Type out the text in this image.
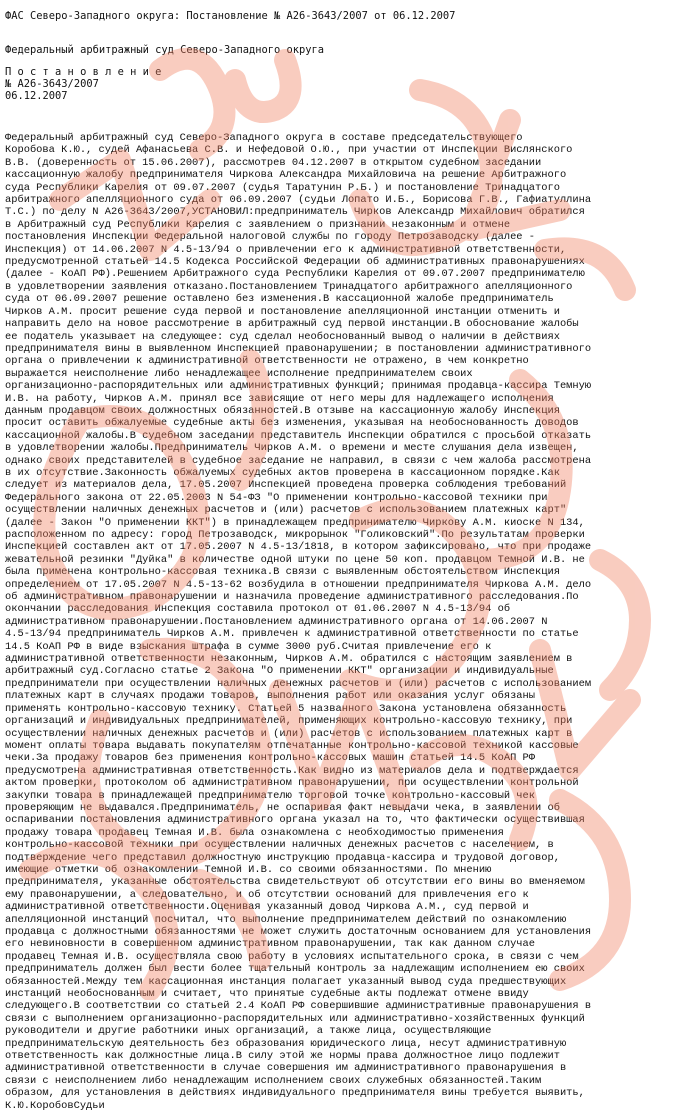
ФАС Северо-Западного округа: Постановление № А26-3643/2007 от 06.12.2007
Федеральный арбитражный суд Северо-Западного округа
П о с т а н о в л е н и е
№ А26-3643/2007
06.12.2007
Федеральный арбитражный суд Северо-Западного округа в составе председательствующего
Коробова К.Ю., судей Афанасьева С.В. и Нефедовой О.Ю., при участии от Инспекции Вислянского
В.В. (доверенность от 15.06.2007), рассмотрев 04.12.2007 в открытом судебном заседании
кассационную жалобу предпринимателя Чиркова Александра Михайловича на решение Арбитражного
суда Республики Карелия от 09.07.2007 (судья Таратунин Р.Б.) и постановление Тринадцатого
арбитражного апелляционного суда от 06.09.2007 (судьи Лопато И.Б., Борисова Г.В., Гафиатуллина
Т.С.) по делу N А26-3643/2007,УСТАНОВИЛ:предприниматель Чирков Александр Михайлович обратился
в Арбитражный суд Республики Карелия с заявлением о признании незаконным и отмене
постановления Инспекции Федеральной налоговой службы по городу Петрозаводску (далее -
Инспекция) от 14.06.2007 N 4.5-13/94 о привлечении его к административной ответственности,
предусмотренной статьей 14.5 Кодекса Российской Федерации об административных правонарушениях
(далее - КоАП РФ).Решением Арбитражного суда Республики Карелия от 09.07.2007 предпринимателю
в удовлетворении заявления отказано.Постановлением Тринадцатого арбитражного апелляционного
суда от 06.09.2007 решение оставлено без изменения.В кассационной жалобе предприниматель
Чирков А.М. просит решение суда первой и постановление апелляционной инстанции отменить и
направить дело на новое рассмотрение в арбитражный суд первой инстанции.В обоснование жалобы
ее податель указывает на следующее: суд сделал необоснованный вывод о наличии в действиях
предпринимателя вины в выявленном Инспекцией правонарушении; в постановлении административного
органа о привлечении к административной ответственности не отражено, в чем конкретно
выражается неисполнение либо ненадлежащее исполнение предпринимателем своих
организационно-распорядительных или административных функций; принимая продавца-кассира Темную
И.В. на работу, Чирков А.М. принял все зависящие от него меры для надлежащего исполнения
данным продавцом своих должностных обязанностей.В отзыве на кассационную жалобу Инспекция
просит оставить обжалуемые судебные акты без изменения, указывая на необоснованность доводов
кассационной жалобы.В судебном заседании представитель Инспекции обратился с просьбой отказать
в удовлетворении жалобы.Предприниматель Чирков А.М. о времени и месте слушания дела извещен,
однако своих представителей в судебное заседание не направил, в связи с чем жалоба рассмотрена
в их отсутствие.Законность обжалуемых судебных актов проверена в кассационном порядке.Как
следует из материалов дела, 17.05.2007 Инспекцией проведена проверка соблюдения требований
Федерального закона от 22.05.2003 N 54-ФЗ "О применении контрольно-кассовой техники при
осуществлении наличных денежных расчетов и (или) расчетов с использованием платежных карт"
(далее - Закон "О применении ККТ") в принадлежащем предпринимателю Чиркову А.М. киоске N 134,
расположенном по адресу: город Петрозаводск, микрорынок "Голиковский".По результатам проверки
Инспекцией составлен акт от 17.05.2007 N 4.5-13/1818, в котором зафиксировано, что при продаже
жевательной резинки "Дуйка" в количестве одной штуки по цене 50 коп. продавцом Темной И.В. не
была применена контрольно-кассовая техника.В связи с выявленным обстоятельством Инспекция
определением от 17.05.2007 N 4.5-13-62 возбудила в отношении предпринимателя Чиркова А.М. дело
об административном правонарушении и назначила проведение административного расследования.По
окончании расследования Инспекция составила протокол от 01.06.2007 N 4.5-13/94 об
административном правонарушении.Постановлением административного органа от 14.06.2007 N
4.5-13/94 предприниматель Чирков А.М. привлечен к административной ответственности по статье
14.5 КоАП РФ в виде взыскания штрафа в сумме 3000 руб.Считая привлечение его к
административной ответственности незаконным, Чирков А.М. обратился с настоящим заявлением в
арбитражный суд.Согласно статье 2 Закона "О применении ККТ" организации и индивидуальные
предприниматели при осуществлении наличных денежных расчетов и (или) расчетов с использованием
платежных карт в случаях продажи товаров, выполнения работ или оказания услуг обязаны
применять контрольно-кассовую технику. Статьей 5 названного Закона установлена обязанность
организаций и индивидуальных предпринимателей, применяющих контрольно-кассовую технику, при
осуществлении наличных денежных расчетов и (или) расчетов с использованием платежных карт в
момент оплаты товара выдавать покупателям отпечатанные контрольно-кассовой техникой кассовые
чеки.За продажу товаров без применения контрольно-кассовых машин статьей 14.5 КоАП РФ
предусмотрена административная ответственность.Как видно из материалов дела и подтверждается
актом проверки, протоколом об административном правонарушении, при осуществлении контрольной
закупки товара в принадлежащей предпринимателю торговой точке контрольно-кассовый чек
проверяющим не выдавался.Предприниматель, не оспаривая факт невыдачи чека, в заявлении об
оспаривании постановления административного органа указал на то, что фактически осуществившая
продажу товара продавец Темная И.В. была ознакомлена с необходимостью применения
контрольно-кассовой техники при осуществлении наличных денежных расчетов с населением, в
подтверждение чего представил должностную инструкцию продавца-кассира и трудовой договор,
имеющие отметки об ознакомлении Темной И.В. со своими обязанностями. По мнению
предпринимателя, указанные обстоятельства свидетельствуют об отсутствии его вины во вменяемом
ему правонарушении, а следовательно, и об отсутствии оснований для привлечения его к
административной ответственности.Оценивая указанный довод Чиркова А.М., суд первой и
апелляционной инстанций посчитал, что выполнение предпринимателем действий по ознакомлению
продавца с должностными обязанностями не может служить достаточным основанием для установления
его невиновности в совершенном административном правонарушении, так как данном случае
продавец Темная И.В. осуществляла свою работу в условиях испытательного срока, в связи с чем
предприниматель должен был вести более тщательный контроль за надлежащим исполнением ею своих
обязанностей.Между тем кассационная инстанция полагает указанный вывод суда предшествующих
инстанций необоснованным и считает, что принятые судебные акты подлежат отмене ввиду
следующего.В соответствии со статьей 2.4 КоАП РФ совершившие административные правонарушения в
связи с выполнением организационно-распорядительных или административно-хозяйственных функций
руководители и другие работники иных организаций, а также лица, осуществляющие
предпринимательскую деятельность без образования юридического лица, несут административную
ответственность как должностные лица.В силу этой же нормы права должностное лицо подлежит
административной ответственности в случае совершения им административного правонарушения в
связи с неисполнением либо ненадлежащим исполнением своих служебных обязанностей.Таким
образом, для установления в действиях индивидуального предпринимателя вины требуется выявить,
К.Ю.КоробовСудьи
